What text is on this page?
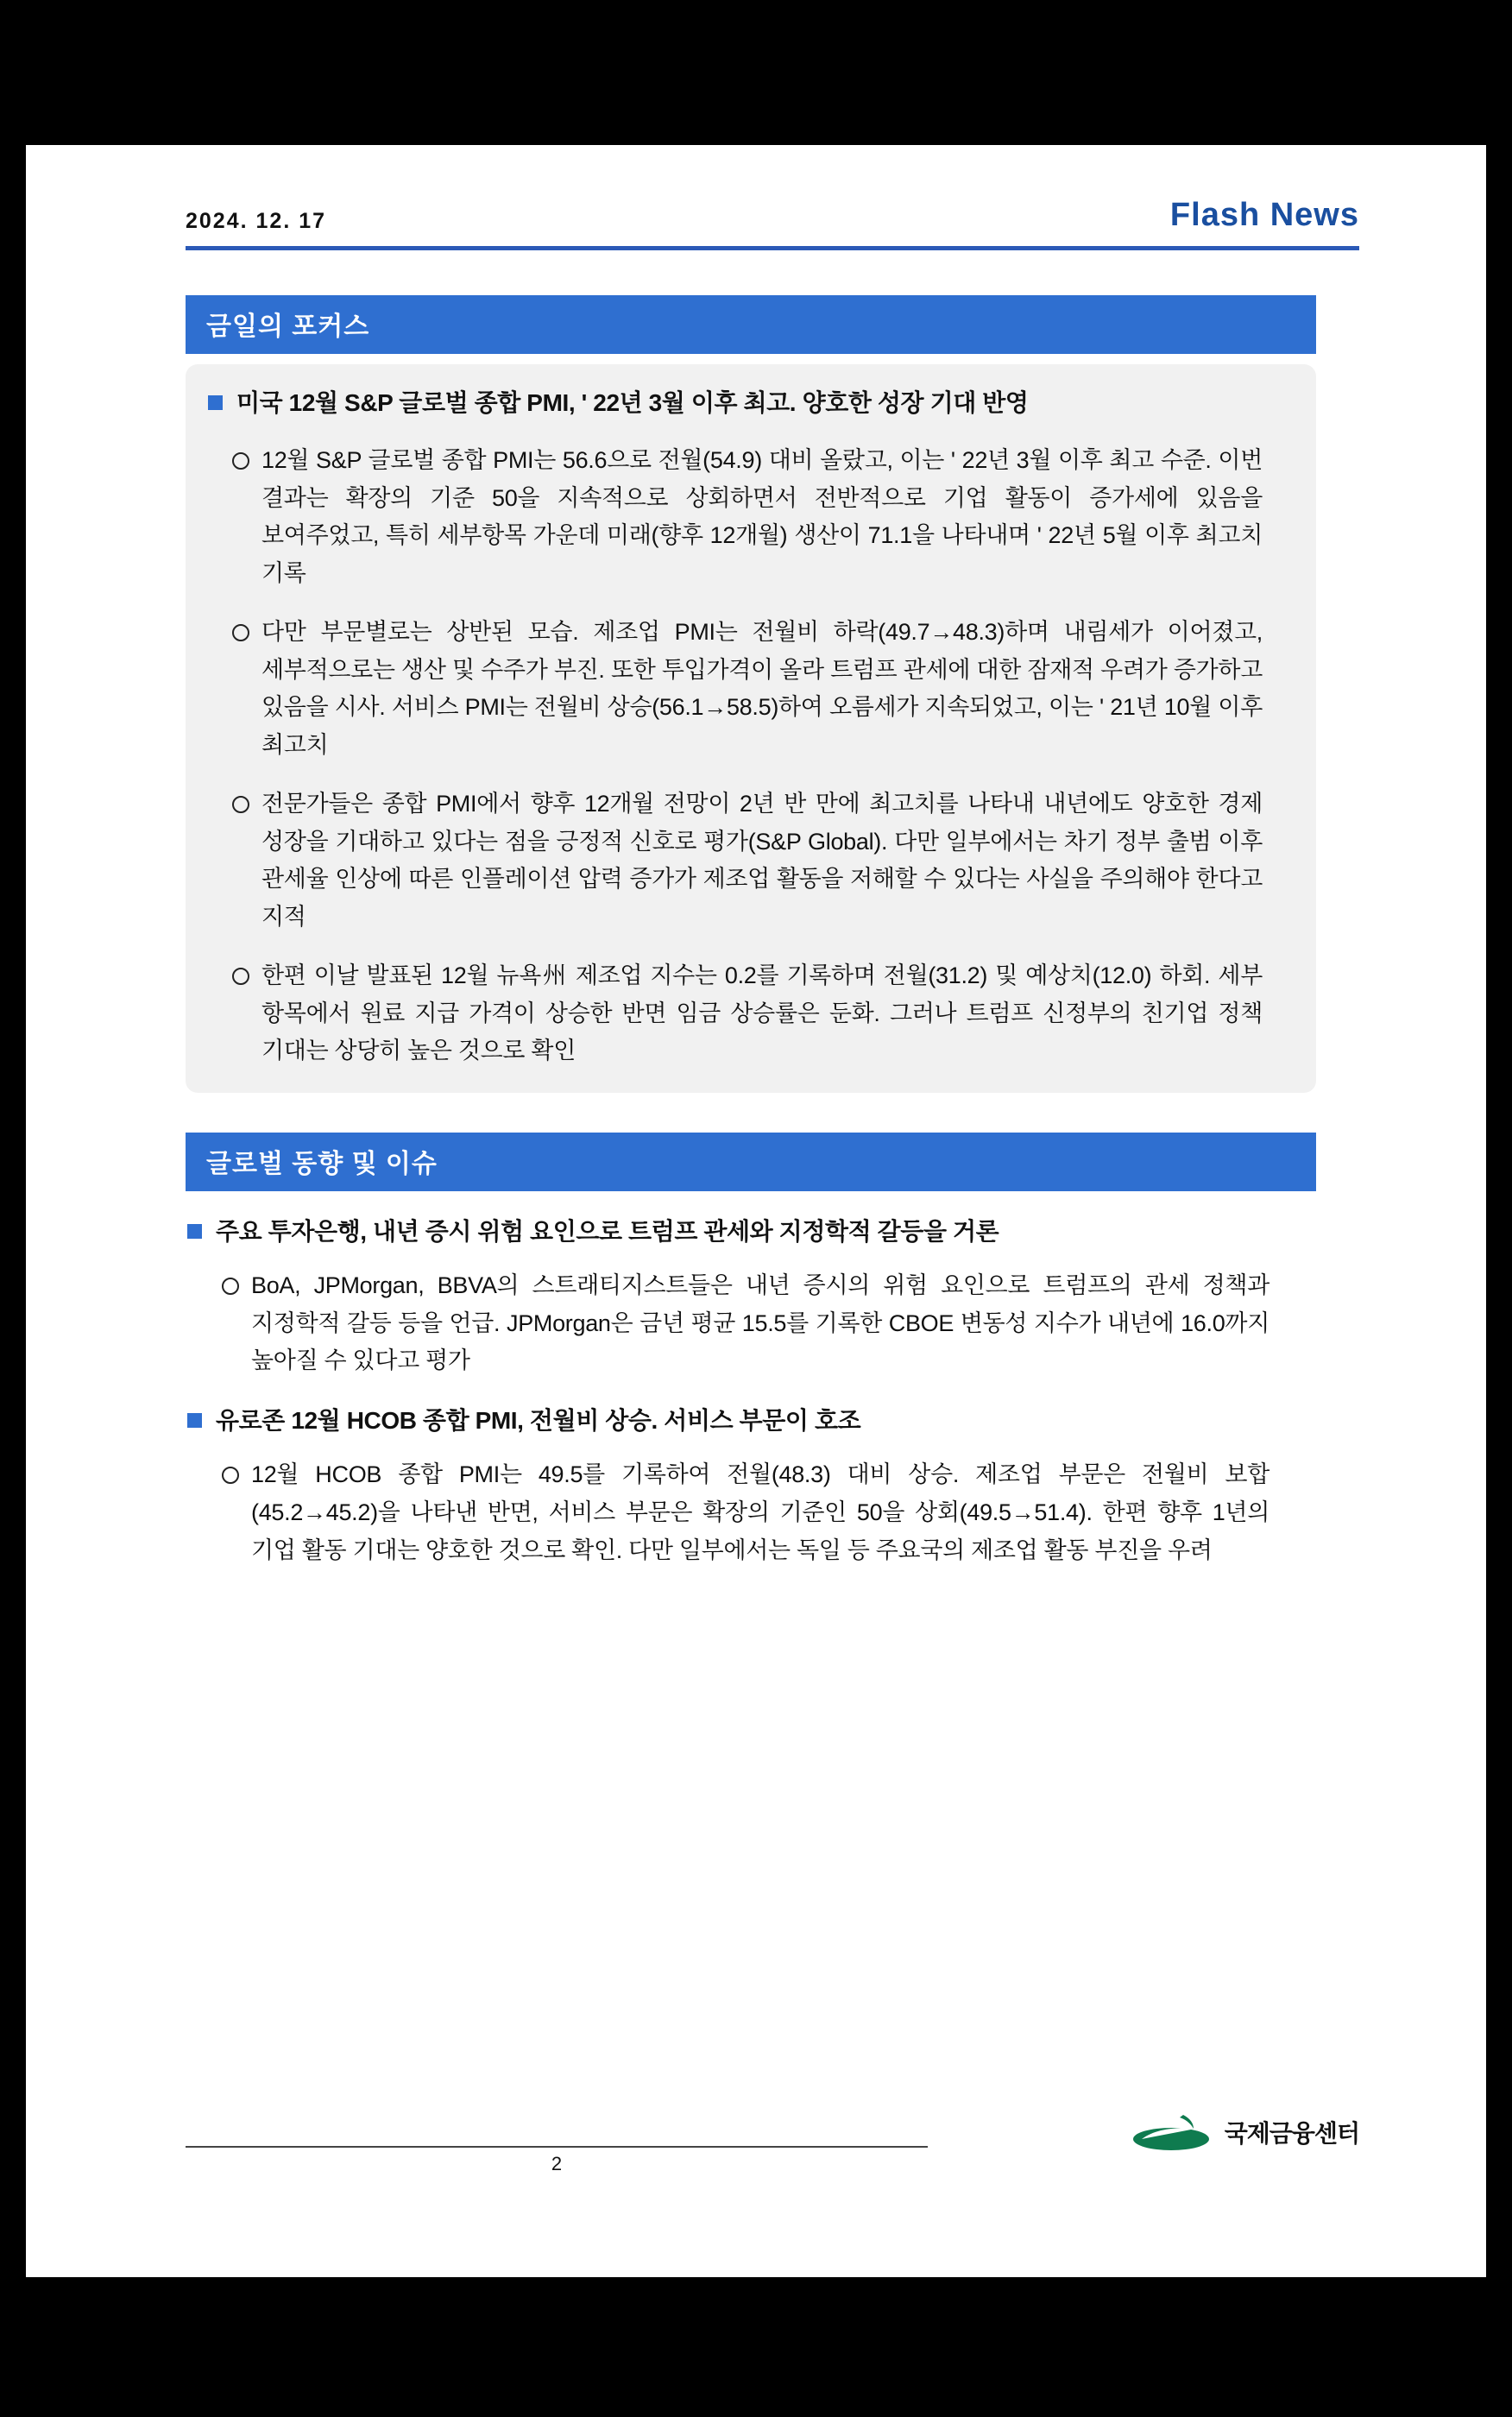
2024. 12. 17	Flash News
금일의 포커스
미국 12월 S&P 글로벌 종합 PMI, ' 22년 3월 이후 최고. 양호한 성장 기대 반영
12월 S&P 글로벌 종합 PMI는 56.6으로 전월(54.9) 대비 올랐고, 이는 ' 22년 3월 이후 최고 수준. 이번 결과는 확장의 기준 50을 지속적으로 상회하면서 전반적으로 기업 활동이 증가세에 있음을 보여주었고, 특히 세부항목 가운데 미래(향후 12개월) 생산이 71.1을 나타내며 ' 22년 5월 이후 최고치 기록
다만 부문별로는 상반된 모습. 제조업 PMI는 전월비 하락(49.7→48.3)하며 내림세가 이어졌고, 세부적으로는 생산 및 수주가 부진. 또한 투입가격이 올라 트럼프 관세에 대한 잠재적 우려가 증가하고 있음을 시사. 서비스 PMI는 전월비 상승(56.1→58.5)하여 오름세가 지속되었고, 이는 ' 21년 10월 이후 최고치
전문가들은 종합 PMI에서 향후 12개월 전망이 2년 반 만에 최고치를 나타내 내년에도 양호한 경제 성장을 기대하고 있다는 점을 긍정적 신호로 평가(S&P Global). 다만 일부에서는 차기 정부 출범 이후 관세율 인상에 따른 인플레이션 압력 증가가 제조업 활동을 저해할 수 있다는 사실을 주의해야 한다고 지적
한편 이날 발표된 12월 뉴욕州 제조업 지수는 0.2를 기록하며 전월(31.2) 및 예상치(12.0) 하회. 세부 항목에서 원료 지급 가격이 상승한 반면 임금 상승률은 둔화. 그러나 트럼프 신정부의 친기업 정책 기대는 상당히 높은 것으로 확인
글로벌 동향 및 이슈
주요 투자은행, 내년 증시 위험 요인으로 트럼프 관세와 지정학적 갈등을 거론
BoA, JPMorgan, BBVA의 스트래티지스트들은 내년 증시의 위험 요인으로 트럼프의 관세 정책과 지정학적 갈등 등을 언급. JPMorgan은 금년 평균 15.5를 기록한 CBOE 변동성 지수가 내년에 16.0까지 높아질 수 있다고 평가
유로존 12월 HCOB 종합 PMI, 전월비 상승. 서비스 부문이 호조
12월 HCOB 종합 PMI는 49.5를 기록하여 전월(48.3) 대비 상승. 제조업 부문은 전월비 보합(45.2→45.2)을 나타낸 반면, 서비스 부문은 확장의 기준인 50을 상회(49.5→51.4). 한편 향후 1년의 기업 활동 기대는 양호한 것으로 확인. 다만 일부에서는 독일 등 주요국의 제조업 활동 부진을 우려
2
국제금융센터
